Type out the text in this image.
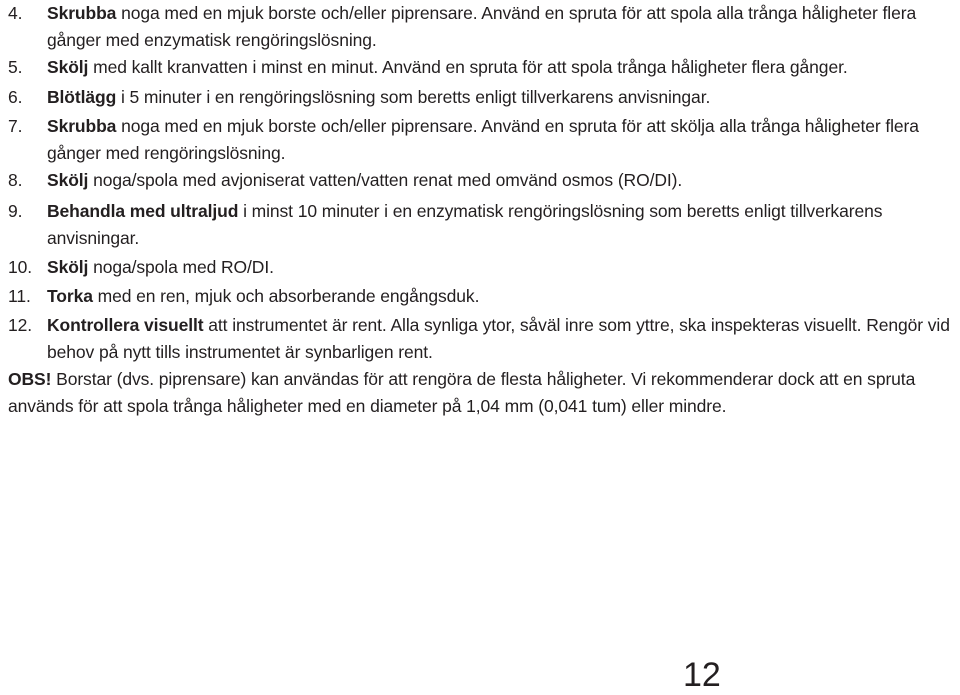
4.	Skrubba noga med en mjuk borste och/eller piprensare. Använd en spruta för att spola alla trånga håligheter flera gånger med enzymatisk rengöringslösning.
5.	Skölj med kallt kranvatten i minst en minut. Använd en spruta för att spola trånga håligheter flera gånger.
6.	Blötlägg i 5 minuter i en rengöringslösning som beretts enligt tillverkarens anvisningar.
7.	Skrubba noga med en mjuk borste och/eller piprensare. Använd en spruta för att skölja alla trånga håligheter flera gånger med rengöringslösning.
8.	Skölj noga/spola med avjoniserat vatten/vatten renat med omvänd osmos (RO/DI).
9.	Behandla med ultraljud i minst 10 minuter i en enzymatisk rengöringslösning som beretts enligt tillverkarens anvisningar.
10. Skölj noga/spola med RO/DI.
11. Torka med en ren, mjuk och absorberande engångsduk.
12. Kontrollera visuellt att instrumentet är rent. Alla synliga ytor, såväl inre som yttre, ska inspekteras visuellt. Rengör vid behov på nytt tills instrumentet är synbarligen rent.
OBS! Borstar (dvs. piprensare) kan användas för att rengöra de flesta håligheter. Vi rekommenderar dock att en spruta används för att spola trånga håligheter med en diameter på 1,04 mm (0,041 tum) eller mindre.
12
